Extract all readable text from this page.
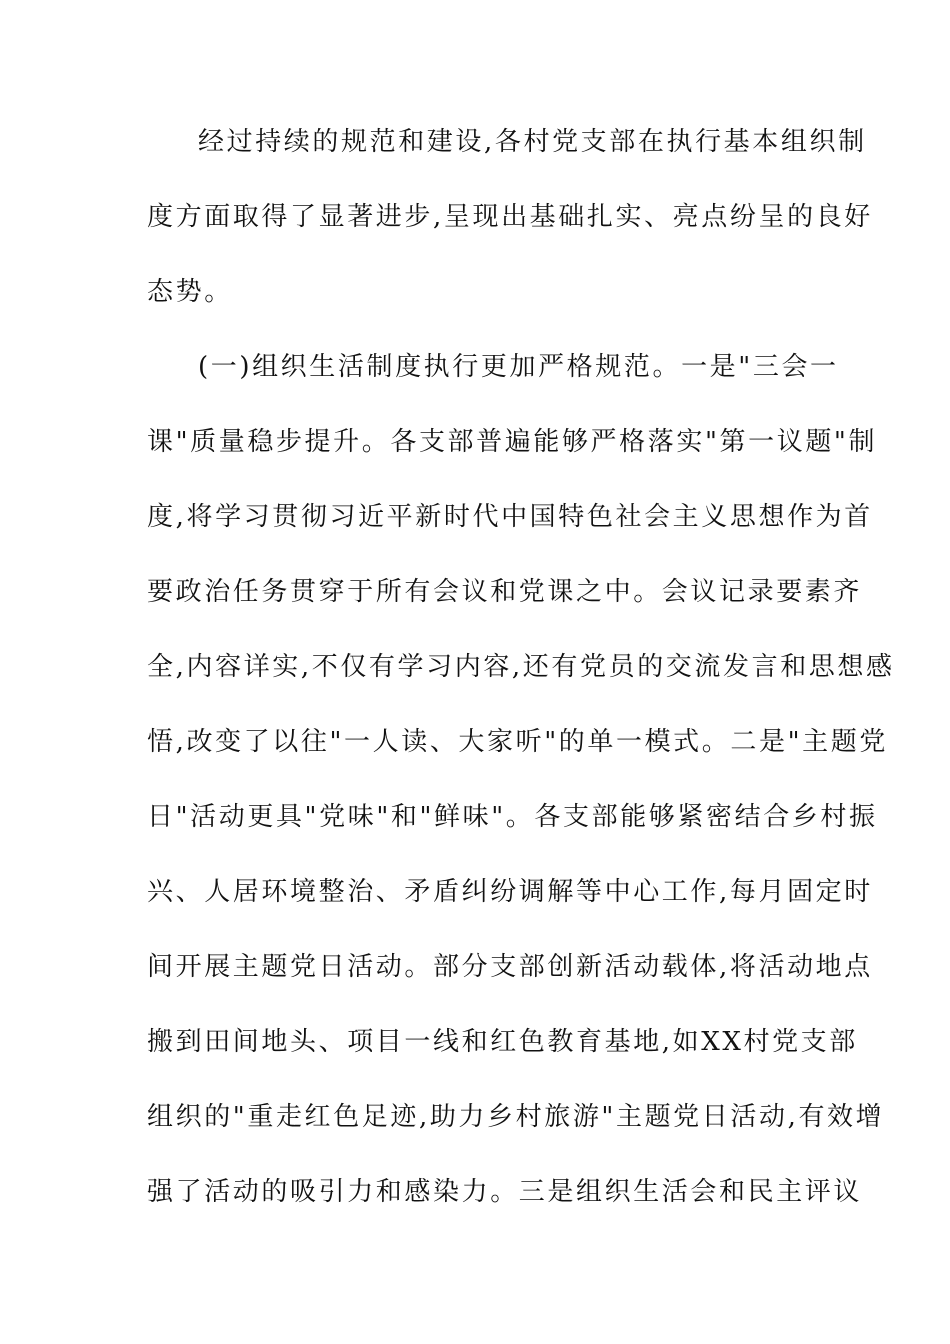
经过持续的规范和建设,各村党支部在执行基本组织制
度方面取得了显著进步,呈现出基础扎实、亮点纷呈的良好
态势。
(一)组织生活制度执行更加严格规范。一是"三会一
课"质量稳步提升。各支部普遍能够严格落实"第一议题"制
度,将学习贯彻习近平新时代中国特色社会主义思想作为首
要政治任务贯穿于所有会议和党课之中。会议记录要素齐
全,内容详实,不仅有学习内容,还有党员的交流发言和思想感
悟,改变了以往"一人读、大家听"的单一模式。二是"主题党
日"活动更具"党味"和"鲜味"。各支部能够紧密结合乡村振
兴、人居环境整治、矛盾纠纷调解等中心工作,每月固定时
间开展主题党日活动。部分支部创新活动载体,将活动地点
搬到田间地头、项目一线和红色教育基地,如XX村党支部
组织的"重走红色足迹,助力乡村旅游"主题党日活动,有效增
强了活动的吸引力和感染力。三是组织生活会和民主评议
